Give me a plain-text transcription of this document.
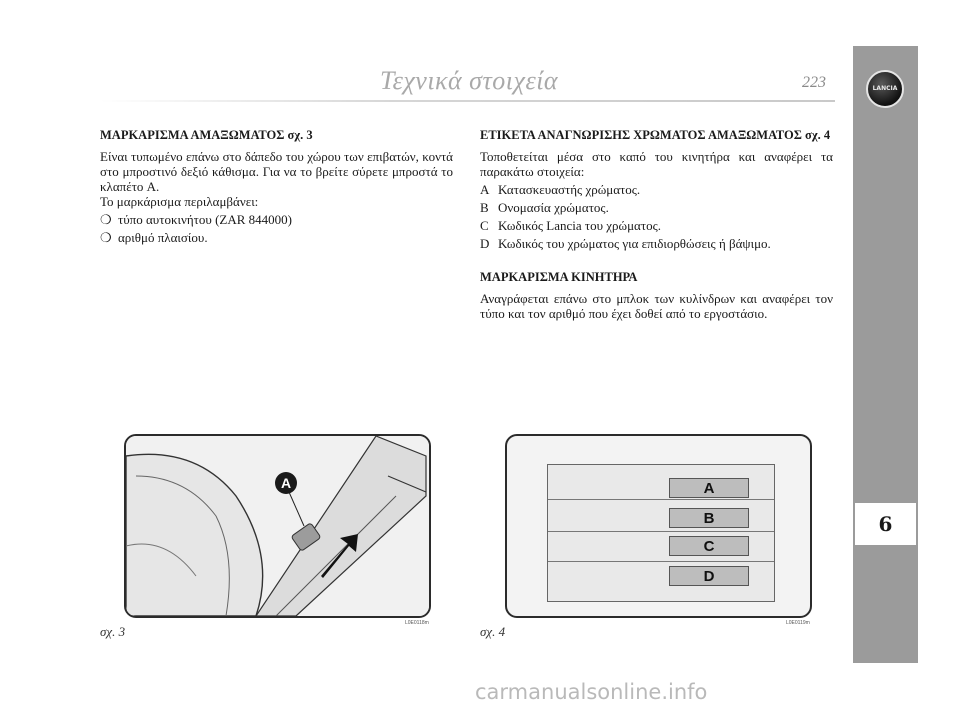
Τεχνικά στοιχεία	223	LANCIA
6

ΜΑΡΚΑΡΙΣΜΑ ΑΜΑΞΩΜΑΤΟΣ σχ. 3

Είναι τυπωμένο επάνω στο δάπεδο του χώρου των επιβατών, κοντά στο μπροστινό δεξιό κάθισμα. Για να το βρείτε σύρετε μπροστά το κλαπέτο A.

Το μαρκάρισμα περιλαμβάνει:

❍ τύπο αυτοκινήτου (ZAR 844000)
❍ αριθμό πλαισίου.

ΕΤΙΚΕΤΑ ΑΝΑΓΝΩΡΙΣΗΣ ΧΡΩΜΑΤΟΣ ΑΜΑΞΩΜΑΤΟΣ σχ. 4

Τοποθετείται μέσα στο καπό του κινητήρα και αναφέρει τα παρακάτω στοιχεία:

A Κατασκευαστής χρώματος.
B Ονομασία χρώματος.
C Κωδικός Lancia του χρώματος.
D Κωδικός του χρώματος για επιδιορθώσεις ή βάψιμο.

ΜΑΡΚΑΡΙΣΜΑ ΚΙΝΗΤΗΡΑ

Αναγράφεται επάνω στο μπλοκ των κυλίνδρων και αναφέρει τον τύπο και τον αριθμό που έχει δοθεί από το εργοστάσιο.

A
σχ. 3
L0E0118m
A
B
C
D
σχ. 4
L0E0119m
carmanualsonline.info
